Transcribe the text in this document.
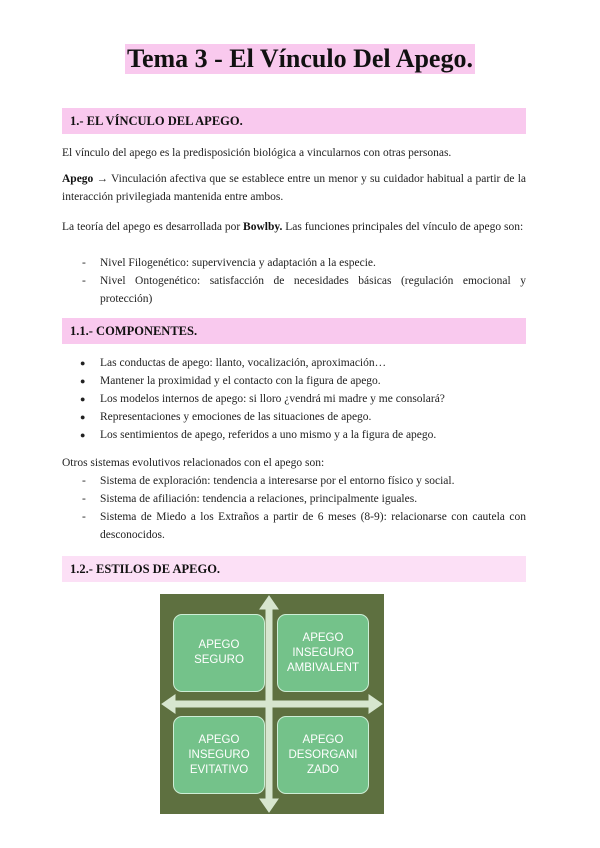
Tema 3 - El Vínculo Del Apego.
1.- EL VÍNCULO DEL APEGO.

El vínculo del apego es la predisposición biológica a vincularnos con otras personas.

Apego → Vinculación afectiva que se establece entre un menor y su cuidador habitual a partir de la interacción privilegiada mantenida entre ambos.

La teoría del apego es desarrollada por Bowlby. Las funciones principales del vínculo de apego son:

- Nivel Filogenético: supervivencia y adaptación a la especie.
- Nivel Ontogenético: satisfacción de necesidades básicas (regulación emocional y protección)
1.1.- COMPONENTES.
● Las conductas de apego: llanto, vocalización, aproximación…
● Mantener la proximidad y el contacto con la figura de apego.
● Los modelos internos de apego: si lloro ¿vendrá mi madre y me consolará?
● Representaciones y emociones de las situaciones de apego.
● Los sentimientos de apego, referidos a uno mismo y a la figura de apego.

Otros sistemas evolutivos relacionados con el apego son:

- Sistema de exploración: tendencia a interesarse por el entorno físico y social.
- Sistema de afiliación: tendencia a relaciones, principalmente iguales.
- Sistema de Miedo a los Extraños a partir de 6 meses (8-9): relacionarse con cautela con desconocidos.
1.2.- ESTILOS DE APEGO.
APEGO
SEGURO
APEGO
INSEGURO
AMBIVALENT
APEGO
INSEGURO
EVITATIVO
APEGO
DESORGANI
ZADO
